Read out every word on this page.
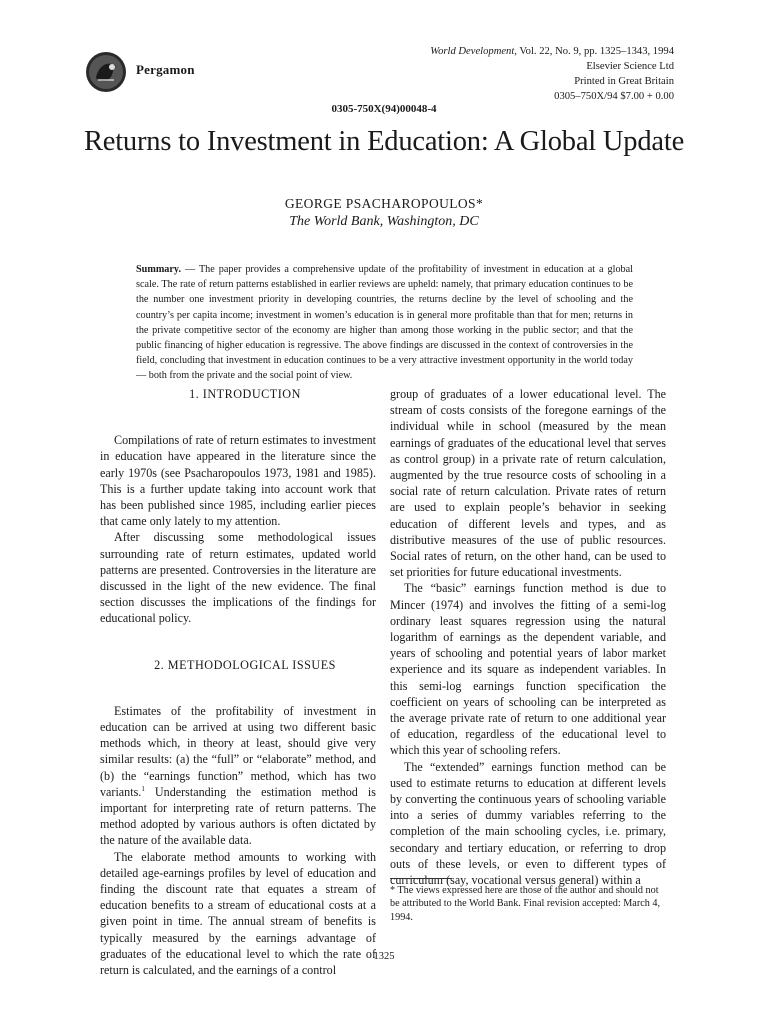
Pergamon
World Development, Vol. 22, No. 9, pp. 1325–1343, 1994
Elsevier Science Ltd
Printed in Great Britain
0305–750X/94 $7.00 + 0.00
0305-750X(94)00048-4
Returns to Investment in Education: A Global Update
GEORGE PSACHAROPOULOS*
The World Bank, Washington, DC
Summary. — The paper provides a comprehensive update of the profitability of investment in education at a global scale. The rate of return patterns established in earlier reviews are upheld: namely, that primary education continues to be the number one investment priority in developing countries, the returns decline by the level of schooling and the country’s per capita income; investment in women’s education is in general more profitable than that for men; returns in the private competitive sector of the economy are higher than among those working in the public sector; and that the public financing of higher education is regressive. The above findings are discussed in the context of controversies in the field, concluding that investment in education continues to be a very attractive investment opportunity in the world today — both from the private and the social point of view.

1. INTRODUCTION

Compilations of rate of return estimates to investment in education have appeared in the literature since the early 1970s (see Psacharopoulos 1973, 1981 and 1985). This is a further update taking into account work that has been published since 1985, including earlier pieces that came only lately to my attention.

After discussing some methodological issues surrounding rate of return estimates, updated world patterns are presented. Controversies in the literature are discussed in the light of the new evidence. The final section discusses the implications of the findings for educational policy.

2. METHODOLOGICAL ISSUES

Estimates of the profitability of investment in education can be arrived at using two different basic methods which, in theory at least, should give very similar results: (a) the “full” or “elaborate” method, and (b) the “earnings function” method, which has two variants.$^1$ Understanding the estimation method is important for interpreting rate of return patterns. The method adopted by various authors is often dictated by the nature of the available data.

The elaborate method amounts to working with detailed age-earnings profiles by level of education and finding the discount rate that equates a stream of education benefits to a stream of educational costs at a given point in time. The annual stream of benefits is typically measured by the earnings advantage of graduates of the educational level to which the rate of return is calculated, and the earnings of a control

group of graduates of a lower educational level. The stream of costs consists of the foregone earnings of the individual while in school (measured by the mean earnings of graduates of the educational level that serves as control group) in a private rate of return calculation, augmented by the true resource costs of schooling in a social rate of return calculation. Private rates of return are used to explain people’s behavior in seeking education of different levels and types, and as distributive measures of the use of public resources. Social rates of return, on the other hand, can be used to set priorities for future educational investments.

The “basic” earnings function method is due to Mincer (1974) and involves the fitting of a semi-log ordinary least squares regression using the natural logarithm of earnings as the dependent variable, and years of schooling and potential years of labor market experience and its square as independent variables. In this semi-log earnings function specification the coefficient on years of schooling can be interpreted as the average private rate of return to one additional year of education, regardless of the educational level to which this year of schooling refers.

The “extended” earnings function method can be used to estimate returns to education at different levels by converting the continuous years of schooling variable into a series of dummy variables referring to the completion of the main schooling cycles, i.e. primary, secondary and tertiary education, or referring to drop outs of these levels, or even to different types of curriculum (say, vocational versus general) within a

* The views expressed here are those of the author and should not be attributed to the World Bank. Final revision accepted: March 4, 1994.
1325
